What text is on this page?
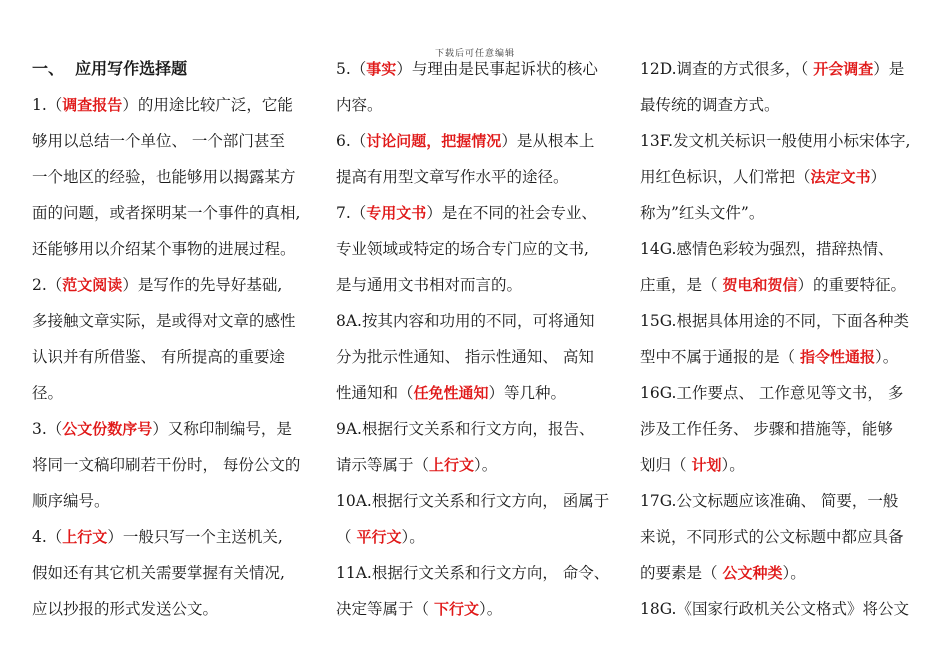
下载后可任意编辑
一、 应用写作选择题
1.（调查报告）的用途比较广泛，它能
够用以总结一个单位、 一个部门甚至
一个地区的经验，也能够用以揭露某方
面的问题，或者探明某一个事件的真相,
还能够用以介绍某个事物的进展过程。
2.（范文阅读）是写作的先导好基础,
多接触文章实际，是或得对文章的感性
认识并有所借鉴、 有所提高的重要途
径。
3.（公文份数序号）又称印制编号，是
将同一文稿印刷若干份时， 每份公文的
顺序编号。
4.（上行文）一般只写一个主送机关,
假如还有其它机关需要掌握有关情况,
应以抄报的形式发送公文。
5.（事实）与理由是民事起诉状的核心
内容。
6.（讨论问题，把握情况）是从根本上
提高有用型文章写作水平的途径。
7.（专用文书）是在不同的社会专业、
专业领域或特定的场合专门应的文书,
是与通用文书相对而言的。
8A.按其内容和功用的不同，可将通知
分为批示性通知、 指示性通知、 高知
性通知和（任免性通知）等几种。
9A.根据行文关系和行文方向，报告、
请示等属于（上行文）。
10A.根据行文关系和行文方向， 函属于
（ 平行文）。
11A.根据行文关系和行文方向， 命令、
决定等属于（ 下行文）。
12D.调查的方式很多，（ 开会调查）是
最传统的调查方式。
13F.发文机关标识一般使用小标宋体字,
用红色标识，人们常把（法定文书）
称为”红头文件”。
14G.感情色彩较为强烈，措辞热情、
庄重，是（ 贺电和贺信）的重要特征。
15G.根据具体用途的不同，下面各种类
型中不属于通报的是（ 指令性通报）。
16G.工作要点、 工作意见等文书， 多
涉及工作任务、 步骤和措施等，能够
划归（ 计划）。
17G.公文标题应该准确、 简要，一般
来说，不同形式的公文标题中都应具备
的要素是（ 公文种类）。
18G.《国家行政机关公文格式》将公文
